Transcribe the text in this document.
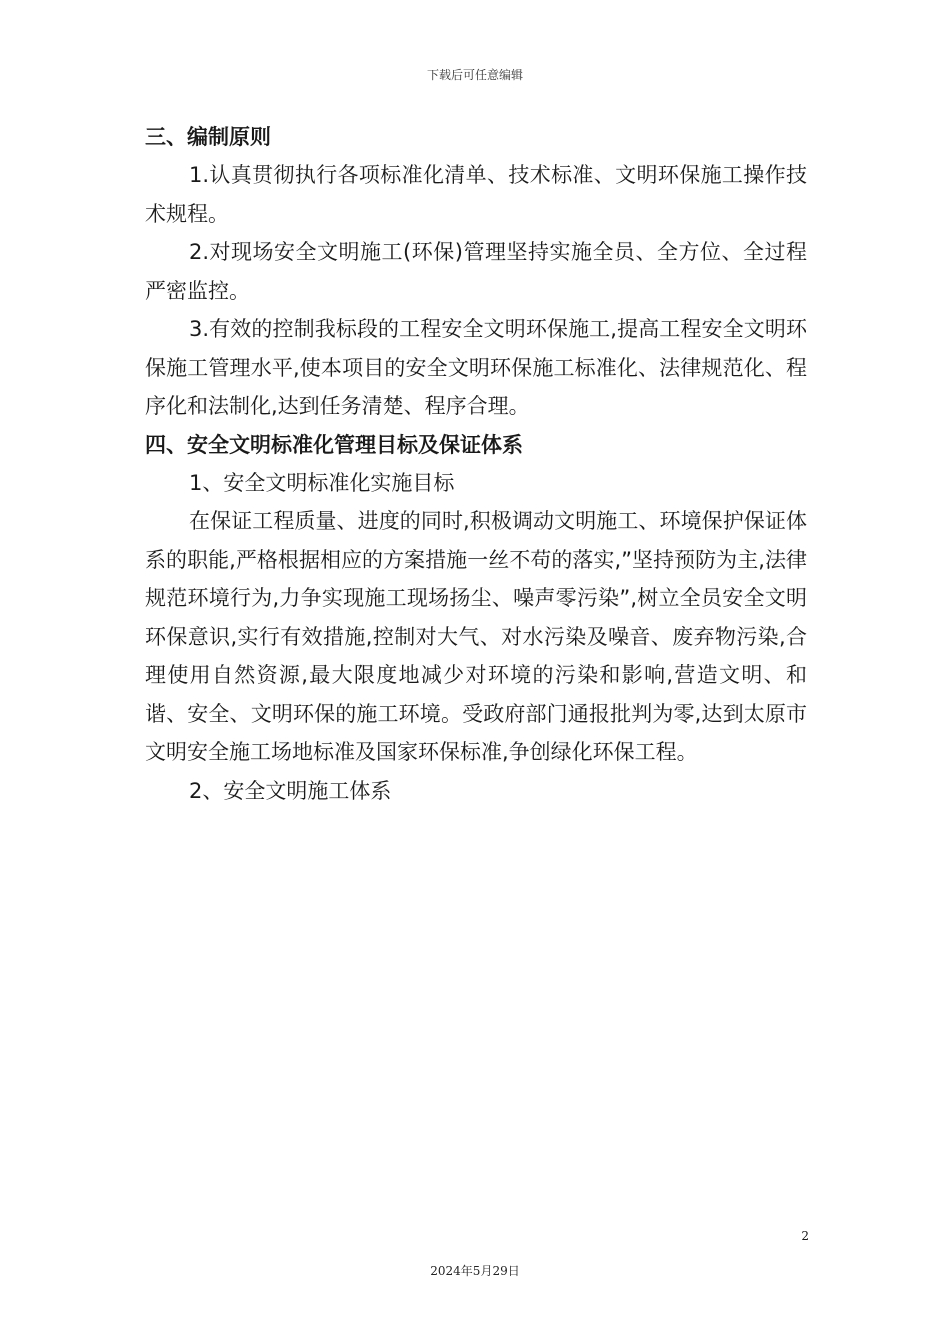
下载后可任意编辑

三、编制原则

1.认真贯彻执行各项标准化清单、技术标准、文明环保施工操作技术规程。

2.对现场安全文明施工(环保)管理坚持实施全员、全方位、全过程严密监控。

3.有效的控制我标段的工程安全文明环保施工,提高工程安全文明环保施工管理水平,使本项目的安全文明环保施工标准化、法律规范化、程序化和法制化,达到任务清楚、程序合理。

四、安全文明标准化管理目标及保证体系

1、安全文明标准化实施目标

在保证工程质量、进度的同时,积极调动文明施工、环境保护保证体系的职能,严格根据相应的方案措施一丝不苟的落实,”坚持预防为主,法律规范环境行为,力争实现施工现场扬尘、噪声零污染”,树立全员安全文明环保意识,实行有效措施,控制对大气、对水污染及噪音、废弃物污染,合理使用自然资源,最大限度地减少对环境的污染和影响,营造文明、和谐、安全、文明环保的施工环境。受政府部门通报批判为零,达到太原市文明安全施工场地标准及国家环保标准,争创绿化环保工程。

2、安全文明施工体系

2
2024年5月29日
